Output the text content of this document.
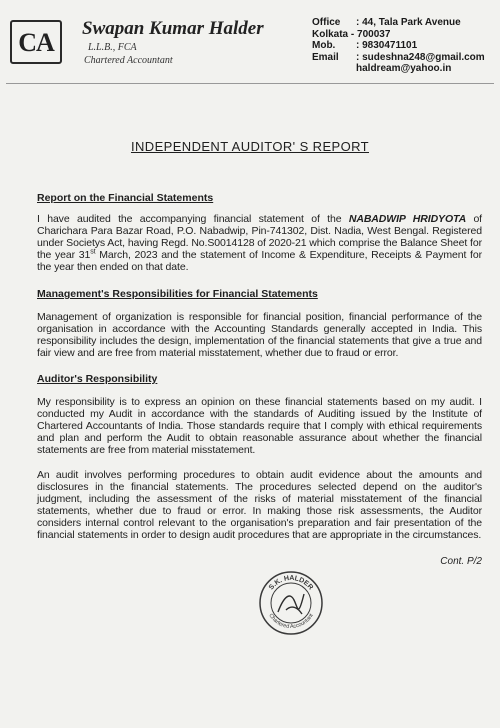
CA	Swapan Kumar Halder
L.L.B., FCA
Chartered Accountant
Office : 44, Tala Park Avenue
Kolkata - 700037
Mob. : 9830471101
Email : sudeshna248@gmail.com
haldream@yahoo.in
INDEPENDENT AUDITOR' S REPORT
Report on the Financial Statements
I have audited the accompanying financial statement of the NABADWIP HRIDYOTA of Charichara Para Bazar Road, P.O. Nabadwip, Pin-741302, Dist. Nadia, West Bengal. Registered under Societys Act, having Regd. No.S0014128 of 2020-21 which comprise the Balance Sheet for the year 31st March, 2023 and the statement of Income & Expenditure, Receipts & Payment for the year then ended on that date.
Management's Responsibilities for Financial Statements
Management of organization is responsible for financial position, financial performance of the organisation in accordance with the Accounting Standards generally accepted in India. This responsibility includes the design, implementation of the financial statements that give a true and fair view and are free from material misstatement, whether due to fraud or error.
Auditor's Responsibility
My responsibility is to express an opinion on these financial statements based on my audit. I conducted my Audit in accordance with the standards of Auditing issued by the Institute of Chartered Accountants of India. Those standards require that I comply with ethical requirements and plan and perform the Audit to obtain reasonable assurance about whether the financial statements are free from material misstatement.
An audit involves performing procedures to obtain audit evidence about the amounts and disclosures in the financial statements. The procedures selected depend on the auditor's judgment, including the assessment of the risks of material misstatement of the financial statements, whether due to fraud or error. In making those risk assessments, the Auditor considers internal control relevant to the organisation's preparation and fair presentation of the financial statements in order to design audit procedures that are appropriate in the circumstances.
Cont. P/2
S.K. HALDER
Chartered Accountant
